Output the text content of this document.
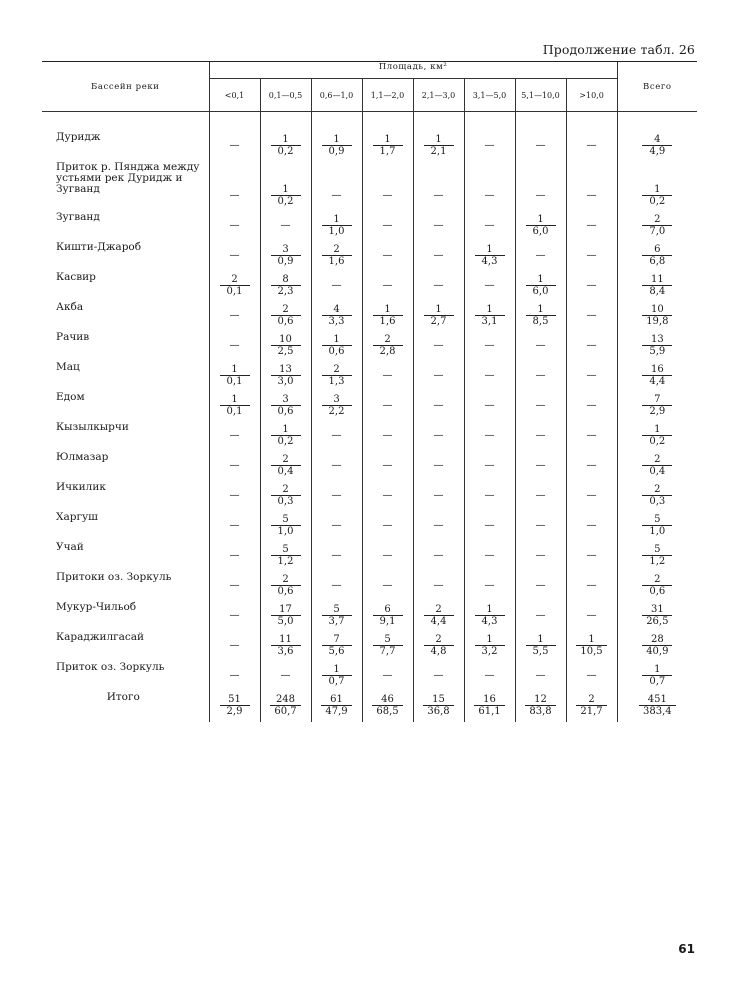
Продолжение табл. 26
Бассейн реки	Площадь, км²								Всего
	<0,1	0,1—0,5	0,6—1,0	1,1—2,0	2,1—3,0	3,1—5,0	5,1—10,0	>10,0	

Дуридж	—	$\frac{1}{0,2}$	$\frac{1}{0,9}$	$\frac{1}{1,7}$	$\frac{1}{2,1}$	—	—	—	$\frac{4}{4,9}$

Приток р. Пянджа между устьями рек Дуридж и Зугванд	—	$\frac{1}{0,2}$	—	—	—	—	—	—	$\frac{1}{0,2}$

Зугванд	—	—	$\frac{1}{1,0}$	—	—	—	$\frac{1}{6,0}$	—	$\frac{2}{7,0}$

Кишти-Джароб	—	$\frac{3}{0,9}$	$\frac{2}{1,6}$	—	—	$\frac{1}{4,3}$	—	—	$\frac{6}{6,8}$

Касвир	$\frac{2}{0,1}$	$\frac{8}{2,3}$	—	—	—	—	$\frac{1}{6,0}$	—	$\frac{11}{8,4}$

Акба	—	$\frac{2}{0,6}$	$\frac{4}{3,3}$	$\frac{1}{1,6}$	$\frac{1}{2,7}$	$\frac{1}{3,1}$	$\frac{1}{8,5}$	—	$\frac{10}{19,8}$

Рачив	—	$\frac{10}{2,5}$	$\frac{1}{0,6}$	$\frac{2}{2,8}$	—	—	—	—	$\frac{13}{5,9}$

Мац	$\frac{1}{0,1}$	$\frac{13}{3,0}$	$\frac{2}{1,3}$	—	—	—	—	—	$\frac{16}{4,4}$

Едом	$\frac{1}{0,1}$	$\frac{3}{0,6}$	$\frac{3}{2,2}$	—	—	—	—	—	$\frac{7}{2,9}$

Кызылкырчи	—	$\frac{1}{0,2}$	—	—	—	—	—	—	$\frac{1}{0,2}$

Юлмазар	—	$\frac{2}{0,4}$	—	—	—	—	—	—	$\frac{2}{0,4}$

Ичкилик	—	$\frac{2}{0,3}$	—	—	—	—	—	—	$\frac{2}{0,3}$

Харгуш	—	$\frac{5}{1,0}$	—	—	—	—	—	—	$\frac{5}{1,0}$

Учай	—	$\frac{5}{1,2}$	—	—	—	—	—	—	$\frac{5}{1,2}$

Притоки оз. Зоркуль	—	$\frac{2}{0,6}$	—	—	—	—	—	—	$\frac{2}{0,6}$

Мукур-Чильоб	—	$\frac{17}{5,0}$	$\frac{5}{3,7}$	$\frac{6}{9,1}$	$\frac{2}{4,4}$	$\frac{1}{4,3}$	—	—	$\frac{31}{26,5}$

Караджилгасай	—	$\frac{11}{3,6}$	$\frac{7}{5,6}$	$\frac{5}{7,7}$	$\frac{2}{4,8}$	$\frac{1}{3,2}$	$\frac{1}{5,5}$	$\frac{1}{10,5}$	$\frac{28}{40,9}$

Приток оз. Зоркуль	—	—	$\frac{1}{0,7}$	—	—	—	—	—	$\frac{1}{0,7}$

Итого	$\frac{51}{2,9}$	$\frac{248}{60,7}$	$\frac{61}{47,9}$	$\frac{46}{68,5}$	$\frac{15}{36,8}$	$\frac{16}{61,1}$	$\frac{12}{83,8}$	$\frac{2}{21,7}$	$\frac{451}{383,4}$
61
